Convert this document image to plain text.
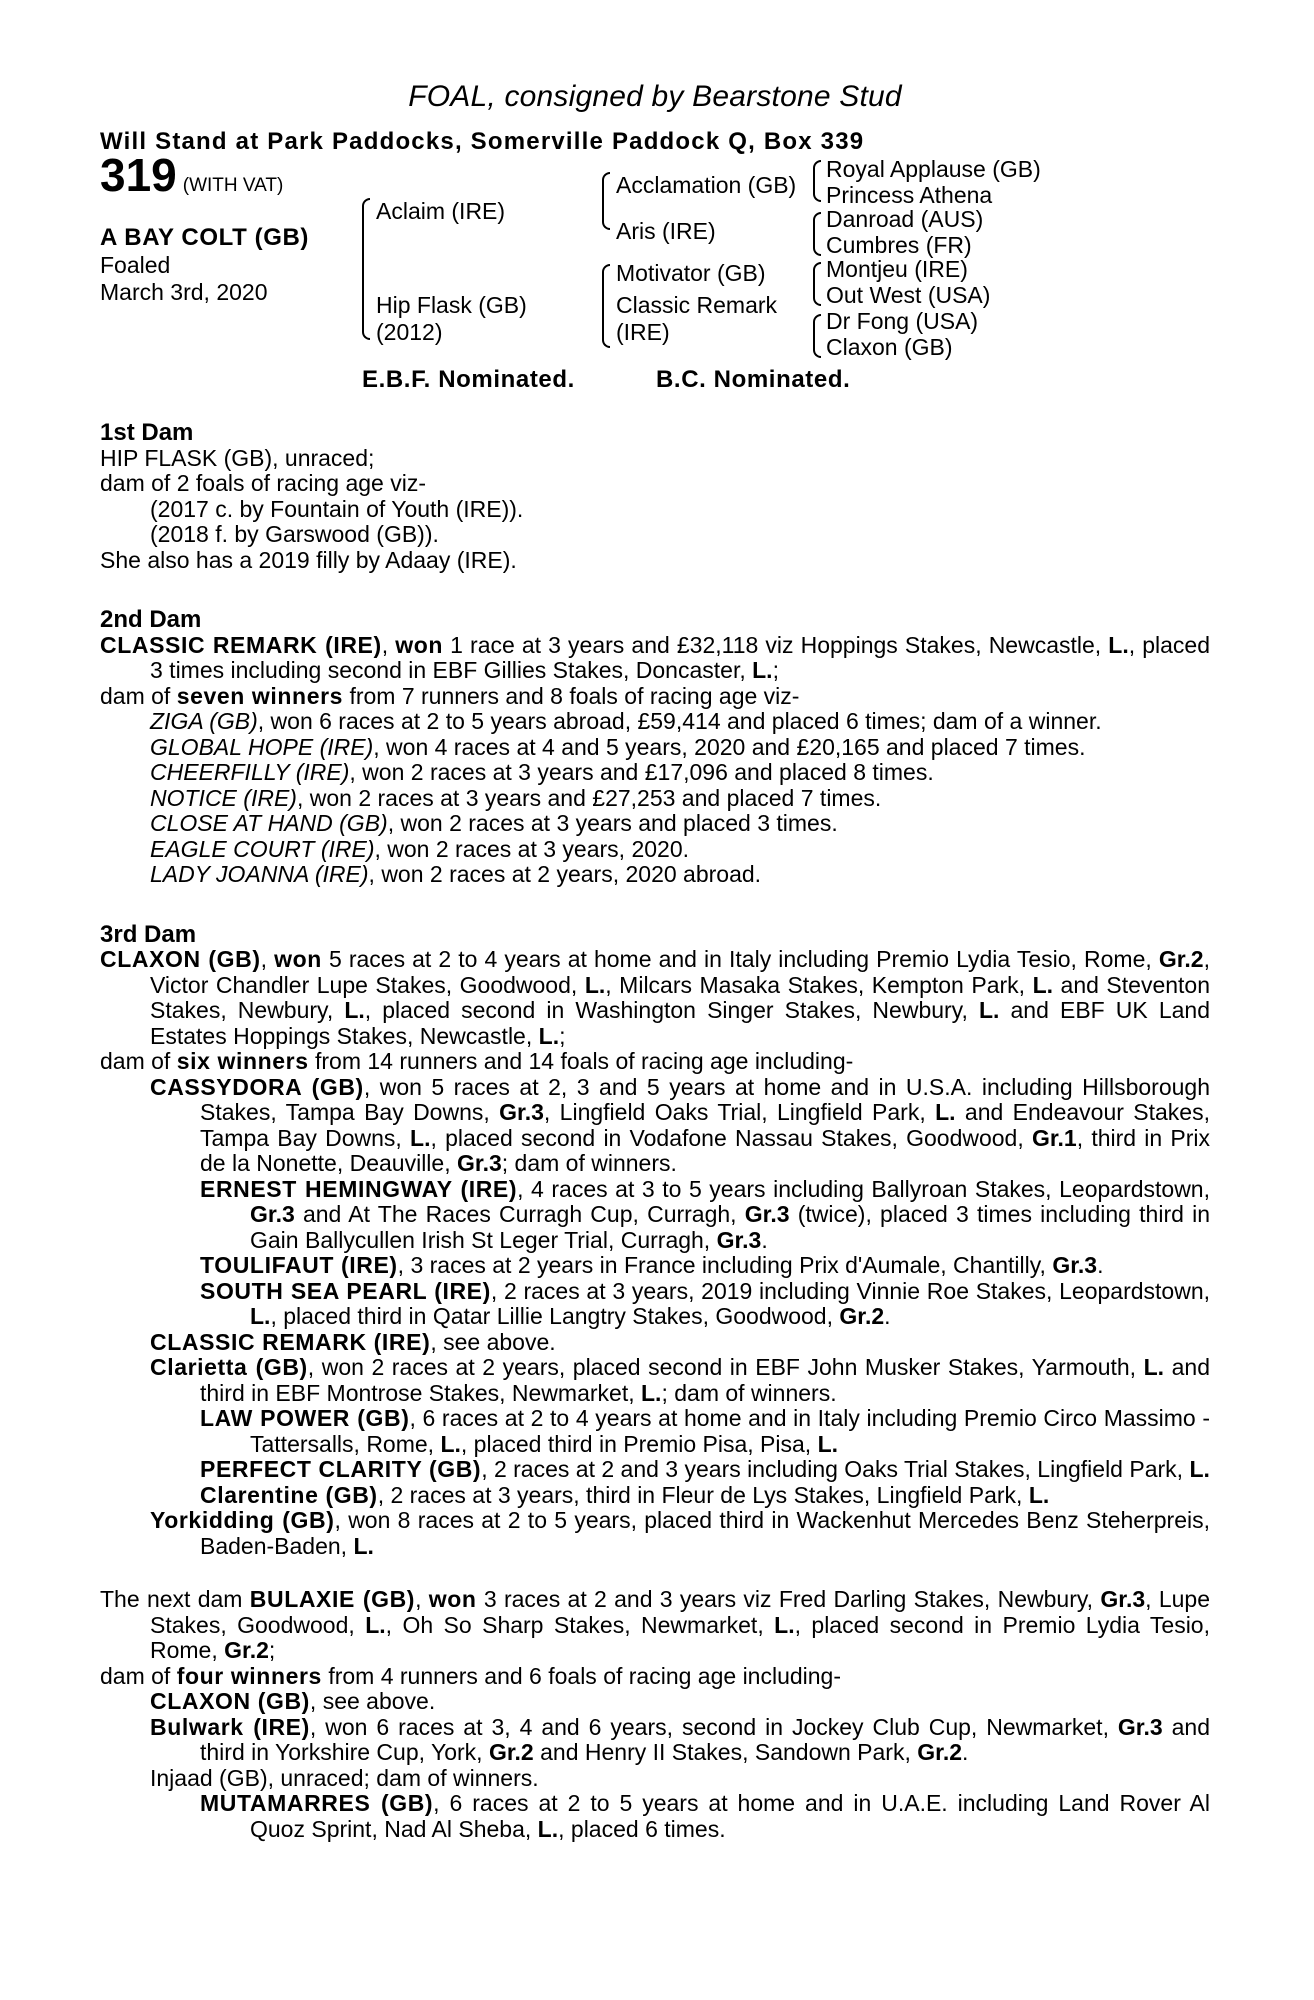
FOAL, consigned by Bearstone Stud
Will Stand at Park Paddocks, Somerville Paddock Q, Box 339
319 (WITH VAT)
A BAY COLT (GB)
Foaled
March 3rd, 2020
Aclaim (IRE)
Hip Flask (GB)
(2012)
Acclamation (GB)
Aris (IRE)
Motivator (GB)
Classic Remark
(IRE)
Royal Applause (GB)
Princess Athena
Danroad (AUS)
Cumbres (FR)
Montjeu (IRE)
Out West (USA)
Dr Fong (USA)
Claxon (GB)
E.B.F. Nominated.	B.C. Nominated.
1st Dam

HIP FLASK (GB), unraced;

dam of 2 foals of racing age viz-

(2017 c. by Fountain of Youth (IRE)).

(2018 f. by Garswood (GB)).

She also has a 2019 filly by Adaay (IRE).

2nd Dam

CLASSIC REMARK (IRE), won 1 race at 3 years and £32,118 viz Hoppings Stakes, Newcastle, L., placed 3 times including second in EBF Gillies Stakes, Doncaster, L.;

dam of seven winners from 7 runners and 8 foals of racing age viz-

ZIGA (GB), won 6 races at 2 to 5 years abroad, £59,414 and placed 6 times; dam of a winner.

GLOBAL HOPE (IRE), won 4 races at 4 and 5 years, 2020 and £20,165 and placed 7 times.

CHEERFILLY (IRE), won 2 races at 3 years and £17,096 and placed 8 times.

NOTICE (IRE), won 2 races at 3 years and £27,253 and placed 7 times.

CLOSE AT HAND (GB), won 2 races at 3 years and placed 3 times.

EAGLE COURT (IRE), won 2 races at 3 years, 2020.

LADY JOANNA (IRE), won 2 races at 2 years, 2020 abroad.

3rd Dam

CLAXON (GB), won 5 races at 2 to 4 years at home and in Italy including Premio Lydia Tesio, Rome, Gr.2, Victor Chandler Lupe Stakes, Goodwood, L., Milcars Masaka Stakes, Kempton Park, L. and Steventon Stakes, Newbury, L., placed second in Washington Singer Stakes, Newbury, L. and EBF UK Land Estates Hoppings Stakes, Newcastle, L.;

dam of six winners from 14 runners and 14 foals of racing age including-

CASSYDORA (GB), won 5 races at 2, 3 and 5 years at home and in U.S.A. including Hillsborough Stakes, Tampa Bay Downs, Gr.3, Lingfield Oaks Trial, Lingfield Park, L. and Endeavour Stakes, Tampa Bay Downs, L., placed second in Vodafone Nassau Stakes, Goodwood, Gr.1, third in Prix de la Nonette, Deauville, Gr.3; dam of winners.

ERNEST HEMINGWAY (IRE), 4 races at 3 to 5 years including Ballyroan Stakes, Leopardstown, Gr.3 and At The Races Curragh Cup, Curragh, Gr.3 (twice), placed 3 times including third in Gain Ballycullen Irish St Leger Trial, Curragh, Gr.3.

TOULIFAUT (IRE), 3 races at 2 years in France including Prix d'Aumale, Chantilly, Gr.3.

SOUTH SEA PEARL (IRE), 2 races at 3 years, 2019 including Vinnie Roe Stakes, Leopardstown, L., placed third in Qatar Lillie Langtry Stakes, Goodwood, Gr.2.

CLASSIC REMARK (IRE), see above.

Clarietta (GB), won 2 races at 2 years, placed second in EBF John Musker Stakes, Yarmouth, L. and third in EBF Montrose Stakes, Newmarket, L.; dam of winners.

LAW POWER (GB), 6 races at 2 to 4 years at home and in Italy including Premio Circo Massimo - Tattersalls, Rome, L., placed third in Premio Pisa, Pisa, L.

PERFECT CLARITY (GB), 2 races at 2 and 3 years including Oaks Trial Stakes, Lingfield Park, L.

Clarentine (GB), 2 races at 3 years, third in Fleur de Lys Stakes, Lingfield Park, L.

Yorkidding (GB), won 8 races at 2 to 5 years, placed third in Wackenhut Mercedes Benz Steherpreis, Baden-Baden, L.

The next dam BULAXIE (GB), won 3 races at 2 and 3 years viz Fred Darling Stakes, Newbury, Gr.3, Lupe Stakes, Goodwood, L., Oh So Sharp Stakes, Newmarket, L., placed second in Premio Lydia Tesio, Rome, Gr.2;

dam of four winners from 4 runners and 6 foals of racing age including-

CLAXON (GB), see above.

Bulwark (IRE), won 6 races at 3, 4 and 6 years, second in Jockey Club Cup, Newmarket, Gr.3 and third in Yorkshire Cup, York, Gr.2 and Henry II Stakes, Sandown Park, Gr.2.

Injaad (GB), unraced; dam of winners.

MUTAMARRES (GB), 6 races at 2 to 5 years at home and in U.A.E. including Land Rover Al Quoz Sprint, Nad Al Sheba, L., placed 6 times.
